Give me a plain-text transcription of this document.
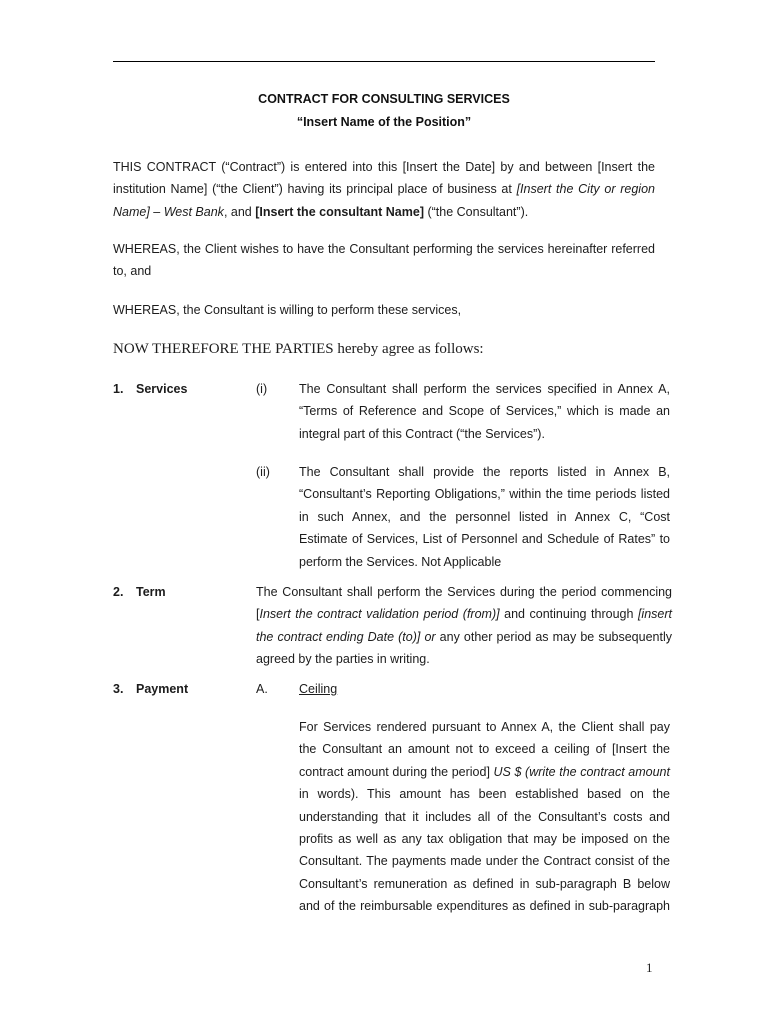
CONTRACT FOR CONSULTING SERVICES
“Insert Name of the Position”
THIS CONTRACT (“Contract”) is entered into this [Insert the Date] by and between [Insert the
institution Name] (“the Client”) having its principal place of business at [Insert the City or region
Name] – West Bank, and [Insert the consultant Name] (“the Consultant”).
WHEREAS, the Client wishes to have the Consultant performing the services hereinafter referred
to, and
WHEREAS, the Consultant is willing to perform these services,
NOW THEREFORE THE PARTIES hereby agree as follows:
1. Services	(i)	The Consultant shall perform the services specified in Annex A,
“Terms of Reference and Scope of Services,” which is made an
integral part of this Contract (“the Services”).
(ii) The Consultant shall provide the reports listed in Annex B,
“Consultant’s Reporting Obligations,” within the time periods listed
in such Annex, and the personnel listed in Annex C, “Cost
Estimate of Services, List of Personnel and Schedule of Rates” to
perform the Services. Not Applicable
2. Term	The Consultant shall perform the Services during the period commencing
[Insert the contract validation period (from)] and continuing through [insert
the contract ending Date (to)] or any other period as may be subsequently
agreed by the parties in writing.
3. Payment	A. Ceiling
For Services rendered pursuant to Annex A, the Client shall pay
the Consultant an amount not to exceed a ceiling of [Insert the
contract amount during the period] US $ (write the contract amount
in words). This amount has been established based on the
understanding that it includes all of the Consultant’s costs and
profits as well as any tax obligation that may be imposed on the
Consultant. The payments made under the Contract consist of the
Consultant’s remuneration as defined in sub-paragraph B below
and of the reimbursable expenditures as defined in sub-paragraph
1
